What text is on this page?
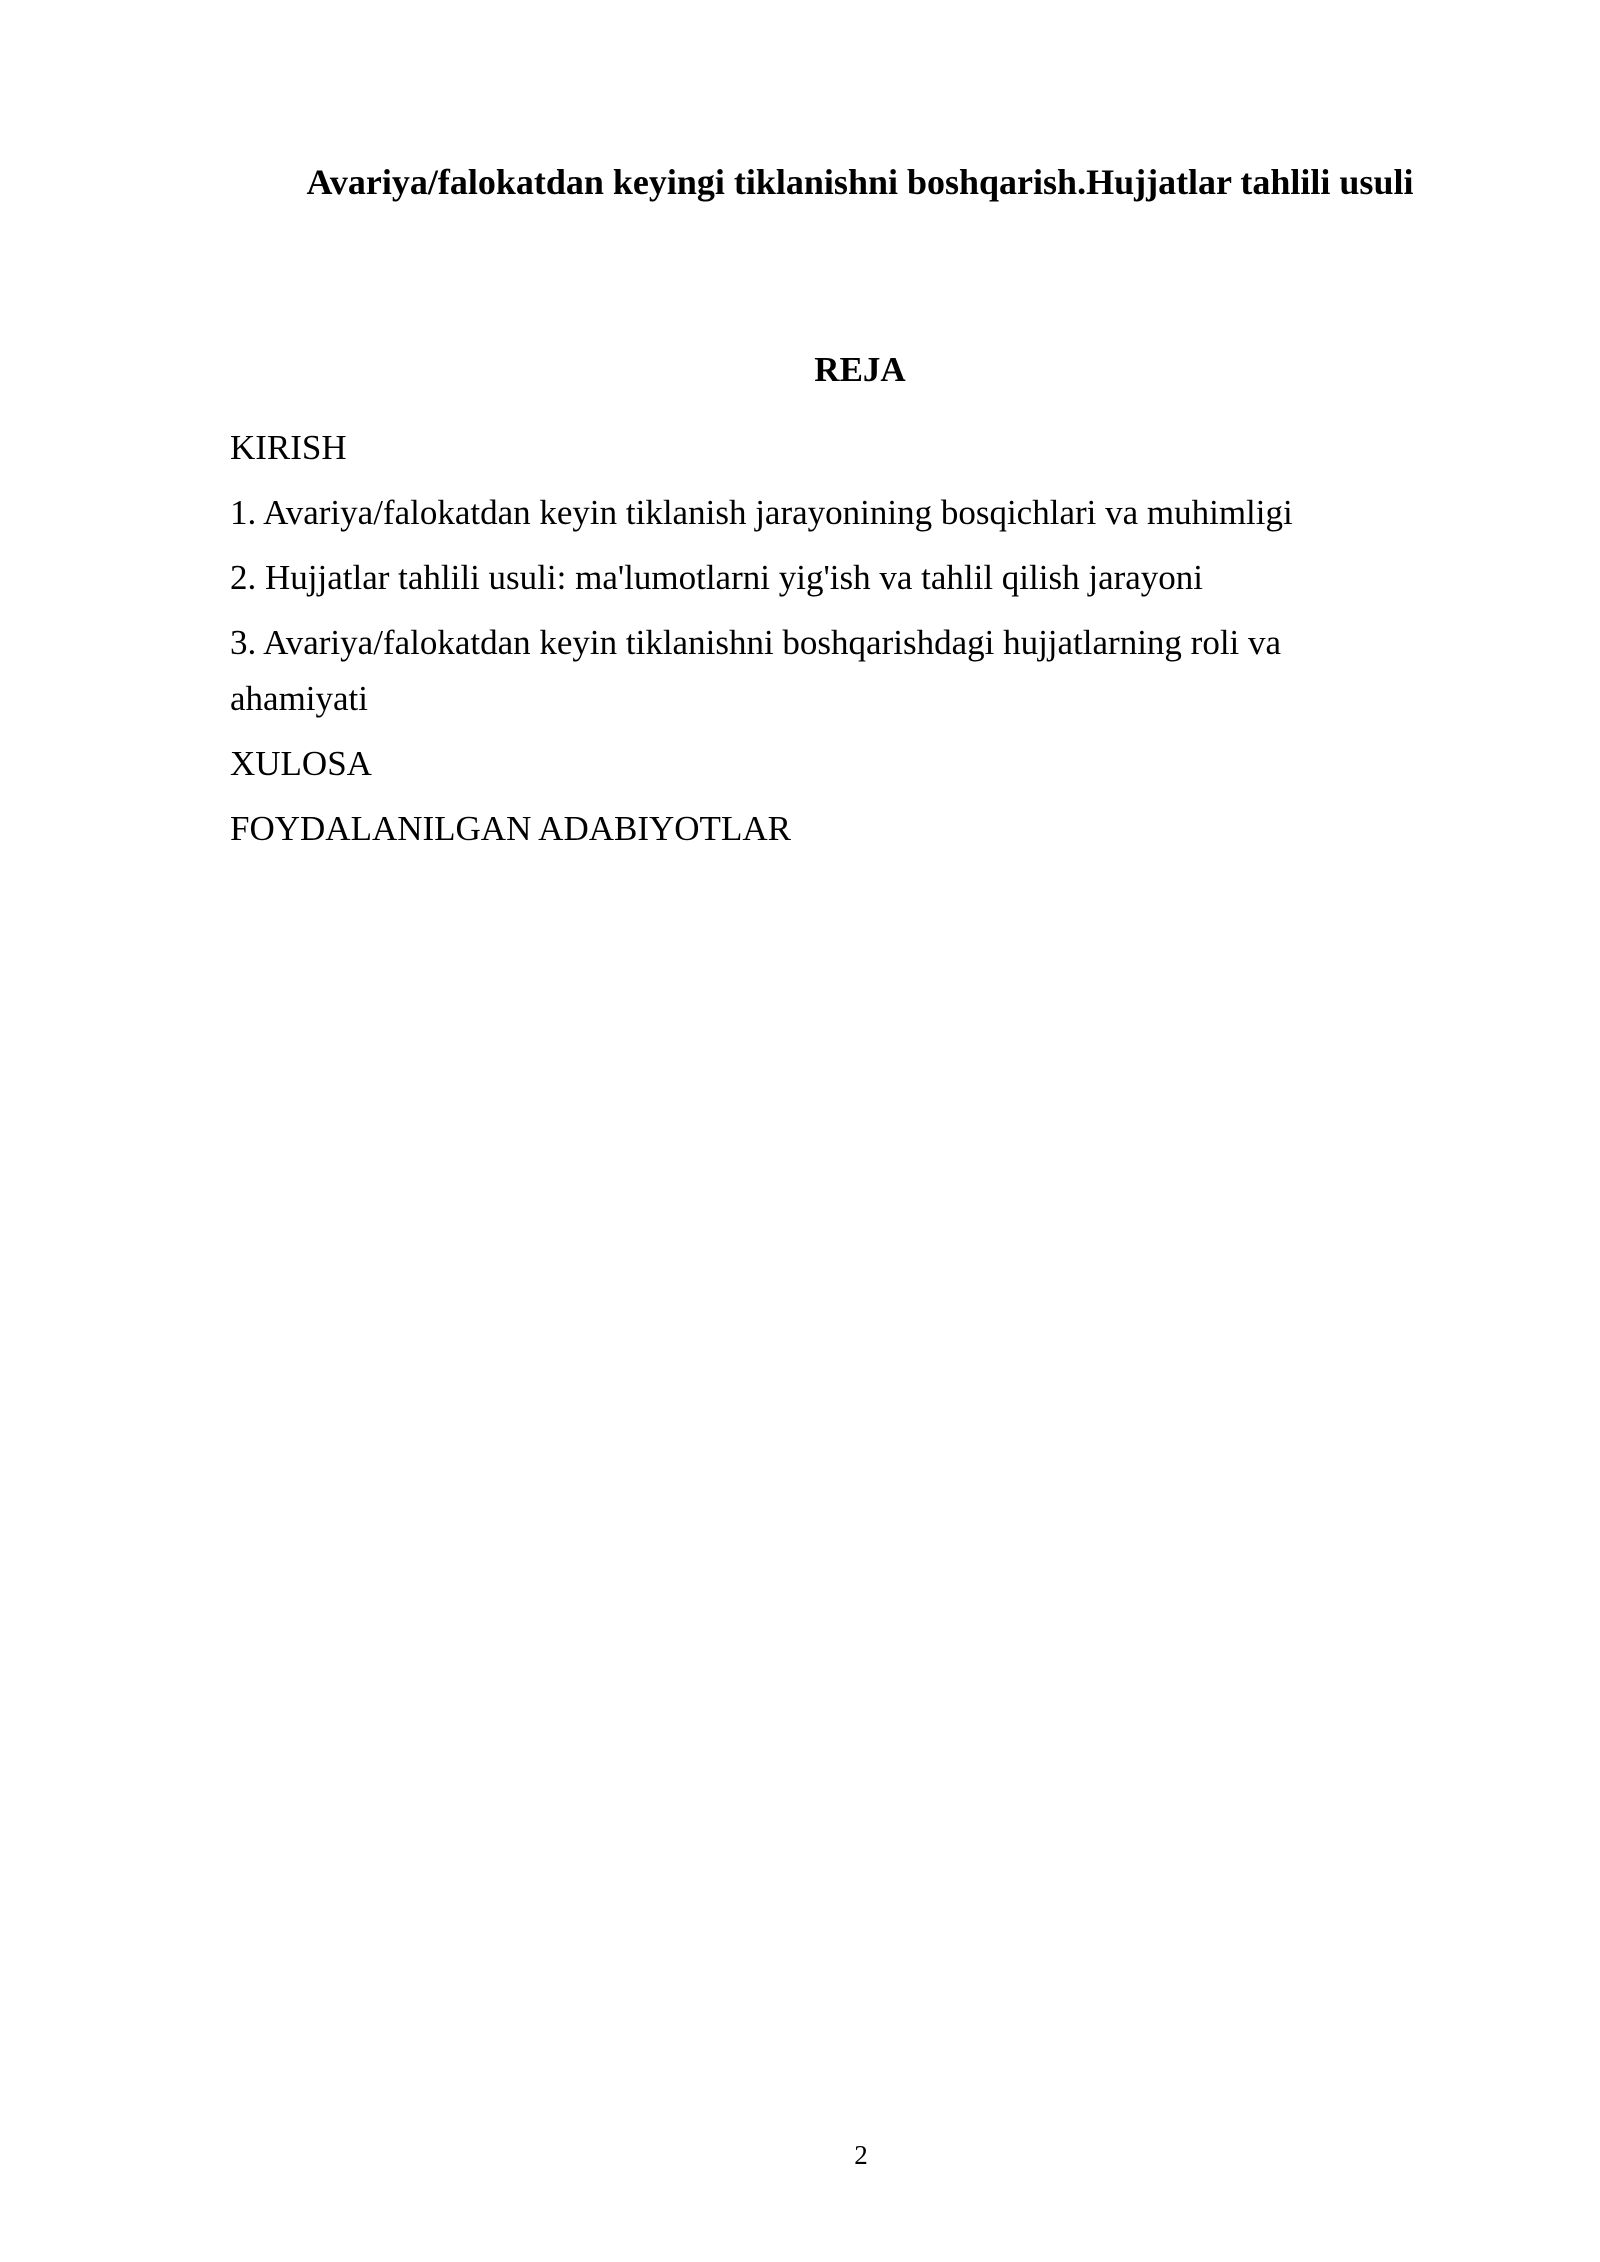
Avariya/falokatdan keyingi tiklanishni boshqarish.Hujjatlar tahlili usuli
REJA
KIRISH
1. Avariya/falokatdan keyin tiklanish jarayonining bosqichlari va muhimligi
2. Hujjatlar tahlili usuli: ma'lumotlarni yig'ish va tahlil qilish jarayoni
3. Avariya/falokatdan keyin tiklanishni boshqarishdagi hujjatlarning roli va ahamiyati
XULOSA
FOYDALANILGAN ADABIYOTLAR
2
